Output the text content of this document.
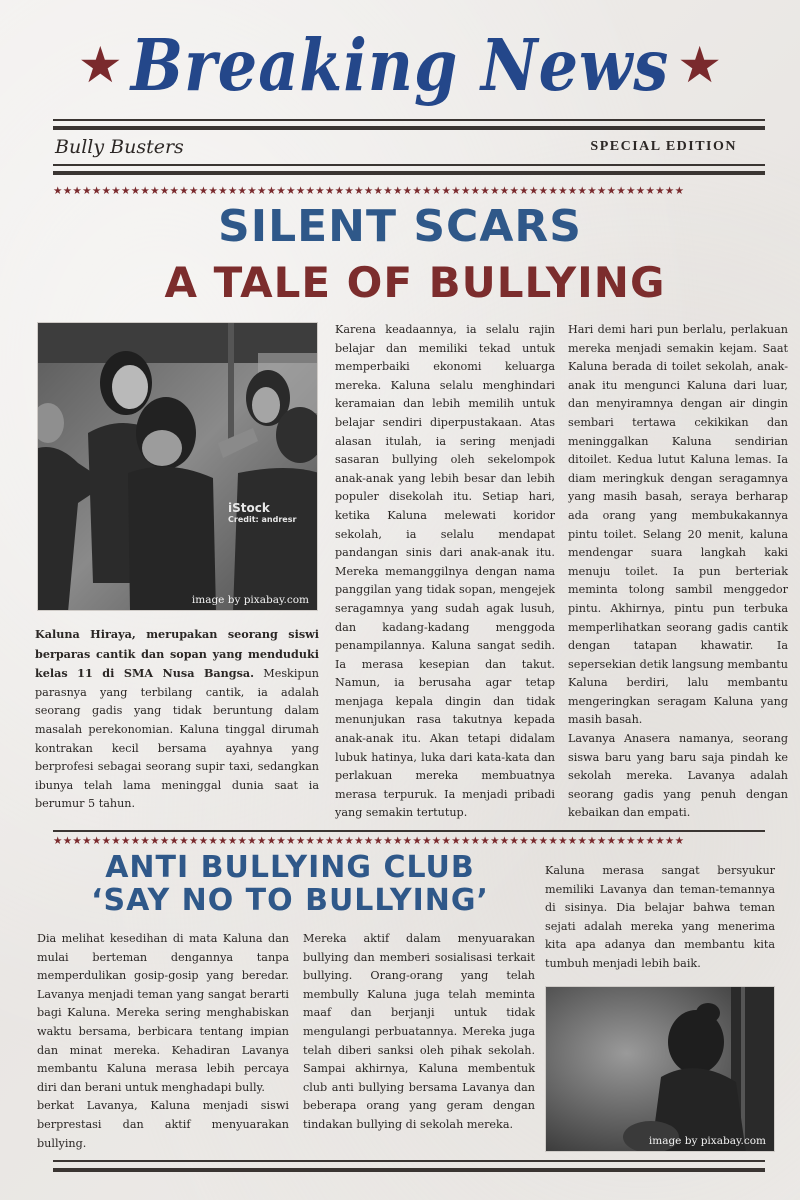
★ Breaking News ★
Bully Busters	SPECIAL EDITION
★★★★★★★★★★★★★★★★★★★★★★★★★★★★★★★★★★★★★★★★★★★★★★★★★★★★★★★★★★★★★★★★★
SILENT SCARS
A TALE OF BULLYING
iStock
Credit: andresr
image by pixabay.com

Kaluna Hiraya, merupakan seorang siswi berparas cantik dan sopan yang menduduki kelas 11 di SMA Nusa Bangsa. Meskipun parasnya yang terbilang cantik, ia adalah seorang gadis yang tidak beruntung dalam masalah perekonomian. Kaluna tinggal dirumah kontrakan kecil bersama ayahnya yang berprofesi sebagai seorang supir taxi, sedangkan ibunya telah lama meninggal dunia saat ia berumur 5 tahun.

Karena keadaannya, ia selalu rajin belajar dan memiliki tekad untuk memperbaiki ekonomi keluarga mereka. Kaluna selalu menghindari keramaian dan lebih memilih untuk belajar sendiri diperpustakaan. Atas alasan itulah, ia sering menjadi sasaran bullying oleh sekelompok anak-anak yang lebih besar dan lebih populer disekolah itu. Setiap hari, ketika Kaluna melewati koridor sekolah, ia selalu mendapat pandangan sinis dari anak-anak itu. Mereka memanggilnya dengan nama panggilan yang tidak sopan, mengejek seragamnya yang sudah agak lusuh, dan kadang-kadang menggoda penampilannya. Kaluna sangat sedih. Ia merasa kesepian dan takut. Namun, ia berusaha agar tetap menjaga kepala dingin dan tidak menunjukan rasa takutnya kepada anak-anak itu. Akan tetapi didalam lubuk hatinya, luka dari kata-kata dan perlakuan mereka membuatnya merasa terpuruk. Ia menjadi pribadi yang semakin tertutup.

Hari demi hari pun berlalu, perlakuan mereka menjadi semakin kejam. Saat Kaluna berada di toilet sekolah, anak-anak itu mengunci Kaluna dari luar, dan menyiramnya dengan air dingin sembari tertawa cekikikan dan meninggalkan Kaluna sendirian ditoilet. Kedua lutut Kaluna lemas. Ia diam meringkuk dengan seragamnya yang masih basah, seraya berharap ada orang yang membukakannya pintu toilet. Selang 20 menit, kaluna mendengar suara langkah kaki menuju toilet. Ia pun berteriak meminta tolong sambil menggedor pintu. Akhirnya, pintu pun terbuka memperlihatkan seorang gadis cantik dengan tatapan khawatir. Ia sepersekian detik langsung membantu Kaluna berdiri, lalu membantu mengeringkan seragam Kaluna yang masih basah.

Lavanya Anasera namanya, seorang siswa baru yang baru saja pindah ke sekolah mereka. Lavanya adalah seorang gadis yang penuh dengan kebaikan dan empati.

★★★★★★★★★★★★★★★★★★★★★★★★★★★★★★★★★★★★★★★★★★★★★★★★★★★★★★★★★★★★★★★★★
ANTI BULLYING CLUB
‘SAY NO TO BULLYING’

Dia melihat kesedihan di mata Kaluna dan mulai berteman dengannya tanpa memperdulikan gosip-gosip yang beredar. Lavanya menjadi teman yang sangat berarti bagi Kaluna. Mereka sering menghabiskan waktu bersama, berbicara tentang impian dan minat mereka. Kehadiran Lavanya membantu Kaluna merasa lebih percaya diri dan berani untuk menghadapi bully.

berkat Lavanya, Kaluna menjadi siswi berprestasi dan aktif menyuarakan bullying.

Mereka aktif dalam menyuarakan bullying dan memberi sosialisasi terkait bullying. Orang-orang yang telah membully Kaluna juga telah meminta maaf dan berjanji untuk tidak mengulangi perbuatannya. Mereka juga telah diberi sanksi oleh pihak sekolah. Sampai akhirnya, Kaluna membentuk club anti bullying bersama Lavanya dan beberapa orang yang geram dengan tindakan bullying di sekolah mereka.

Kaluna merasa sangat bersyukur memiliki Lavanya dan teman-temannya di sisinya. Dia belajar bahwa teman sejati adalah mereka yang menerima kita apa adanya dan membantu kita tumbuh menjadi lebih baik.

image by pixabay.com
